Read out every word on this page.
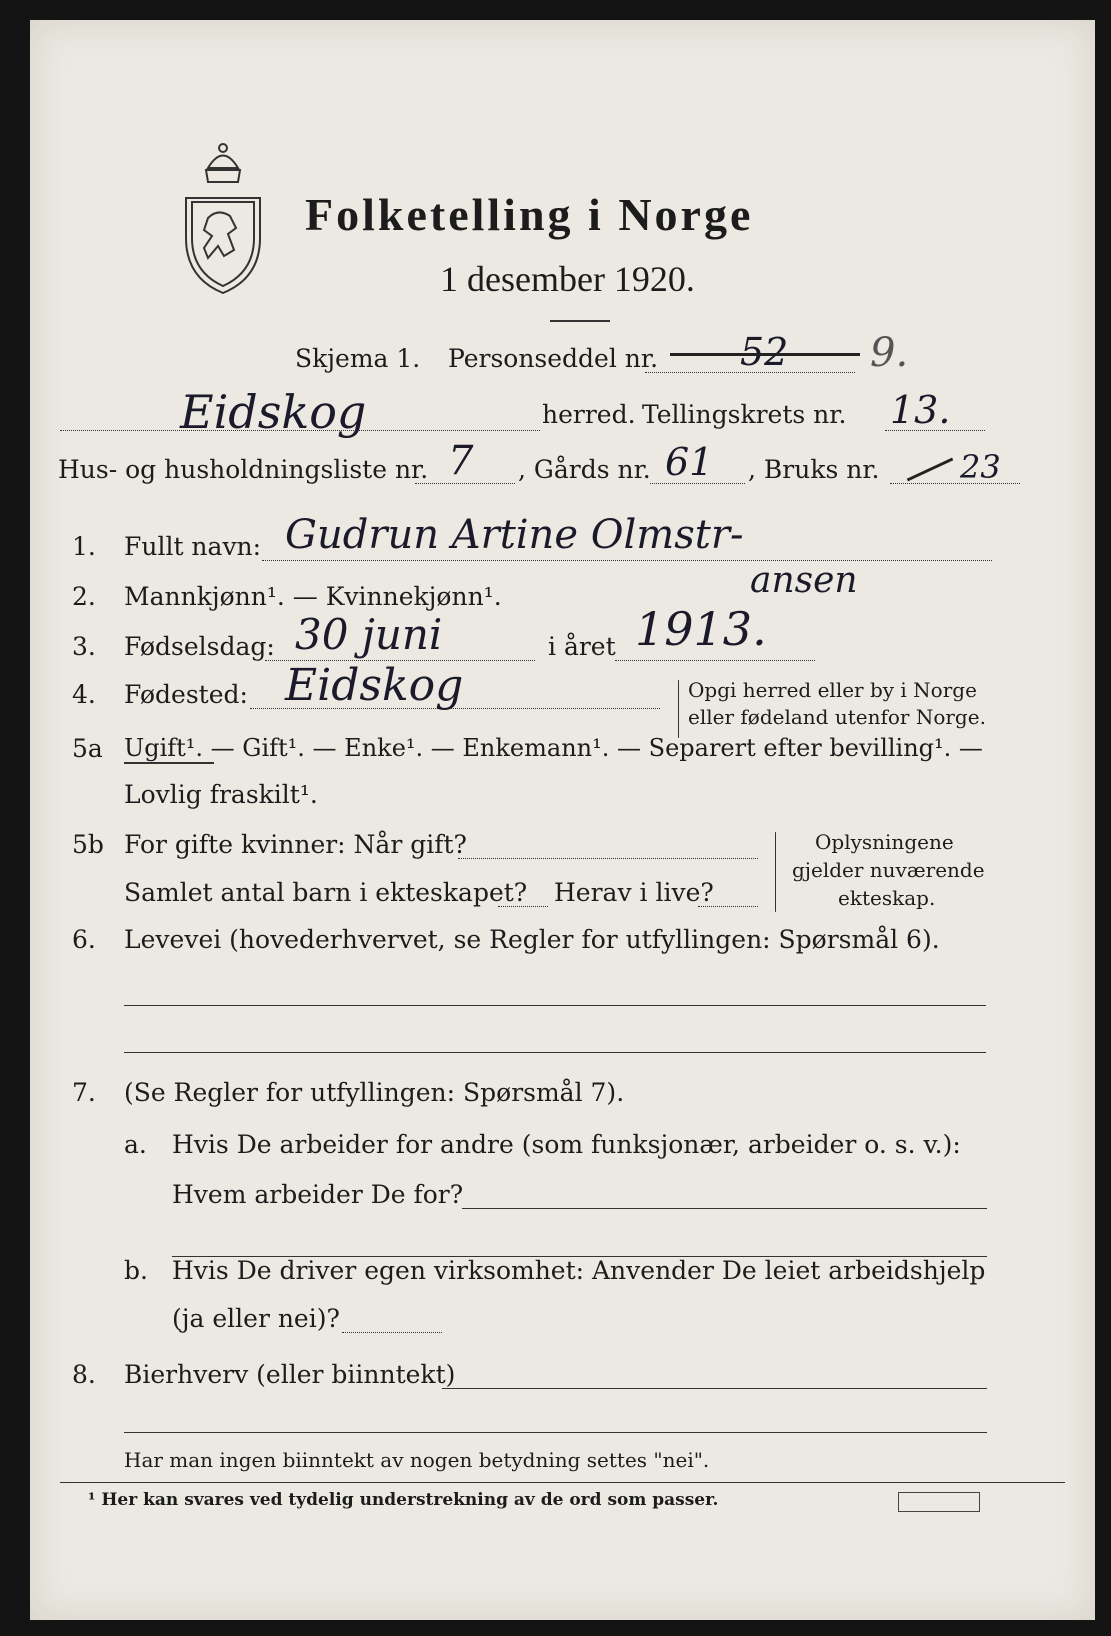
Folketelling i Norge
1 desember 1920.
Skjema 1. Personseddel nr. 52 9.
Eidskog	herred. Tellingskrets nr. 13.
Hus- og husholdningsliste nr. 7 , Gårds nr. 61 , Bruks nr.	23
1. Fullt navn: Gudrun Artine Olmstr-
ansen
2. Mannkjønn¹. — Kvinnekjønn¹.
3. Fødselsdag: 30 juni	i året 1913.
4. Fødested: Eidskog	Opgi herred eller by i Norge
eller fødeland utenfor Norge.
5a Ugift¹. — Gift¹. — Enke¹. — Enkemann¹. — Separert efter bevilling¹. —
Lovlig fraskilt¹.
5b For gifte kvinner: Når gift?
Samlet antal barn i ekteskapet? Herav i live?
Oplysningene
gjelder nuværende
ekteskap.
6. Levevei (hovederhvervet, se Regler for utfyllingen: Spørsmål 6).
7. (Se Regler for utfyllingen: Spørsmål 7).
a. Hvis De arbeider for andre (som funksjonær, arbeider o. s. v.):
Hvem arbeider De for?
b. Hvis De driver egen virksomhet: Anvender De leiet arbeidshjelp
(ja eller nei)?
8. Bierhverv (eller biinntekt)
Har man ingen biinntekt av nogen betydning settes "nei".
¹ Her kan svares ved tydelig understrekning av de ord som passer.
